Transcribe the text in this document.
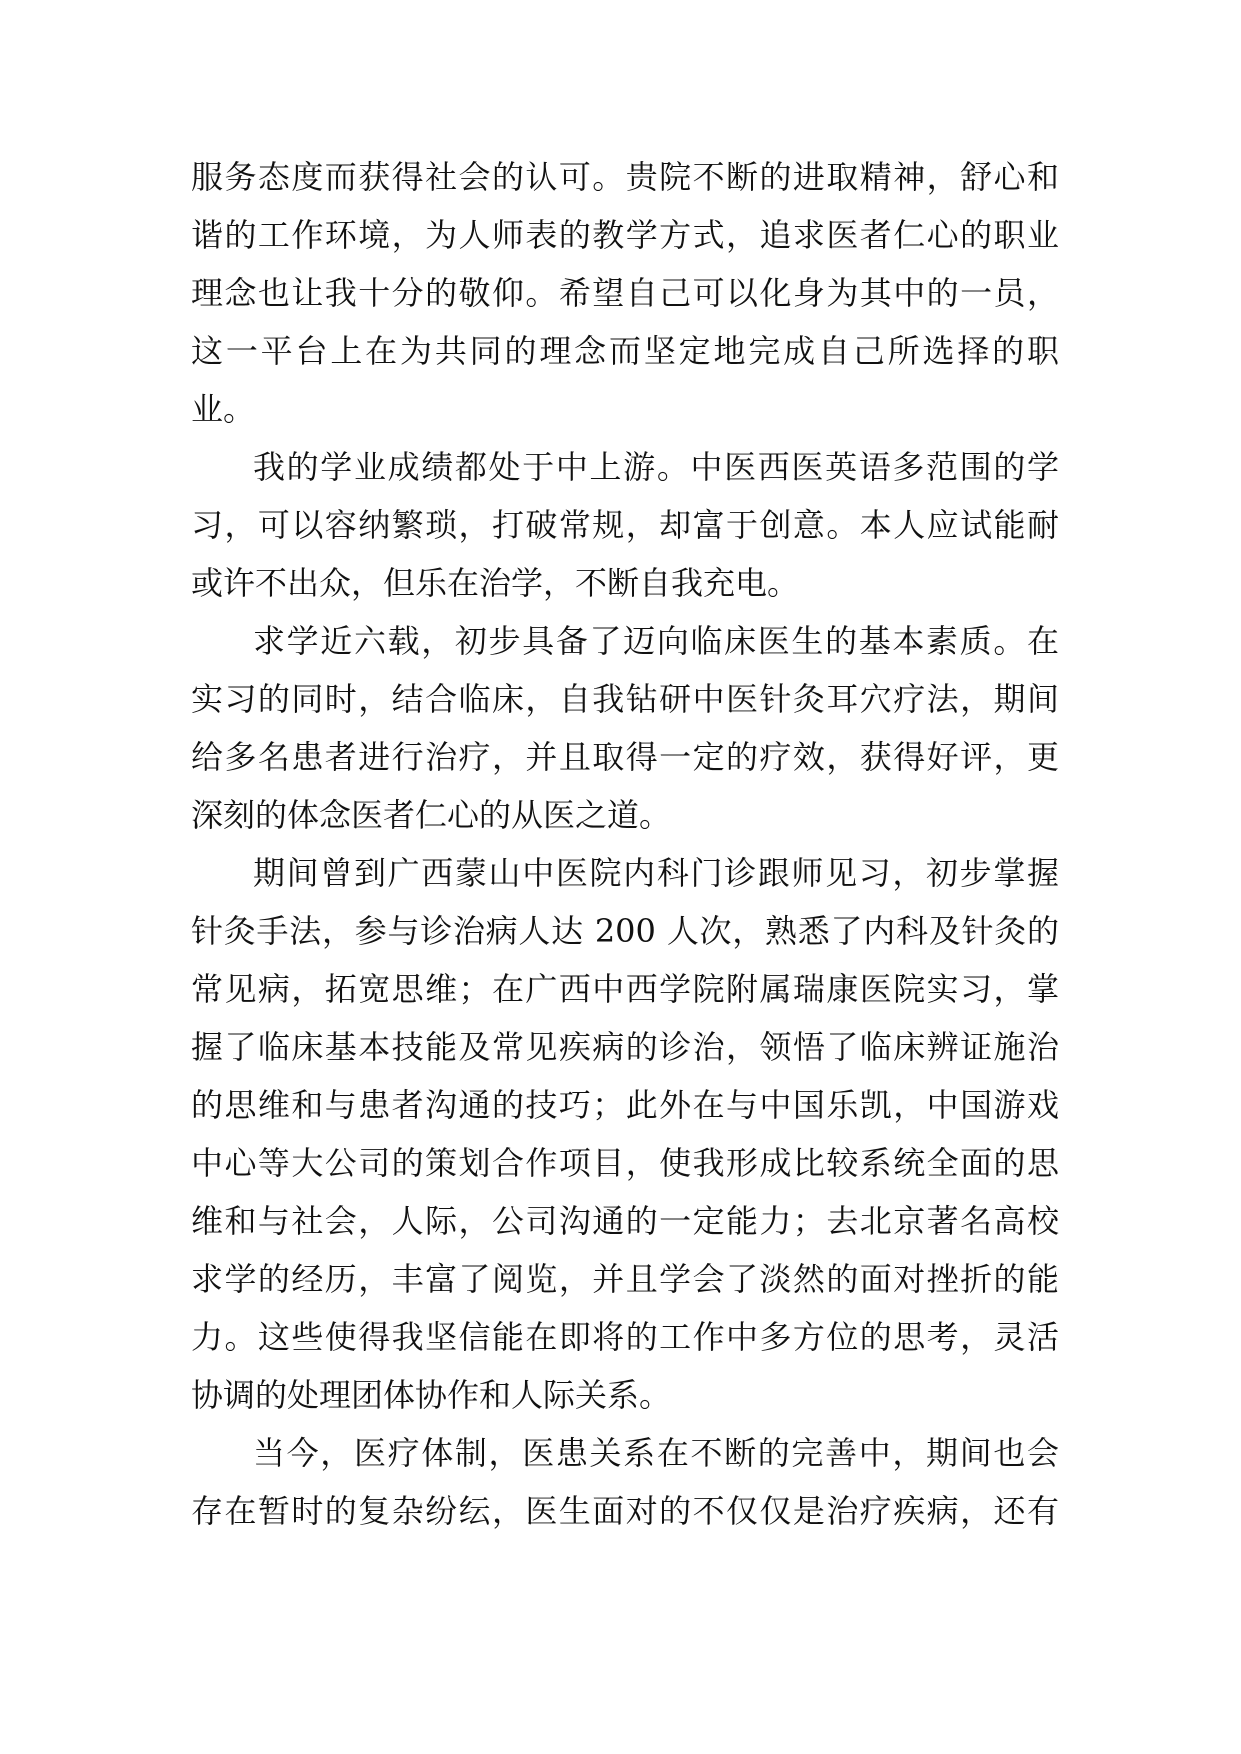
服务态度而获得社会的认可。贵院不断的进取精神，舒心和
谐的工作环境，为人师表的教学方式，追求医者仁心的职业
理念也让我十分的敬仰。希望自己可以化身为其中的一员，
这一平台上在为共同的理念而坚定地完成自己所选择的职
业。
我的学业成绩都处于中上游。中医西医英语多范围的学
习，可以容纳繁琐，打破常规，却富于创意。本人应试能耐
或许不出众，但乐在治学，不断自我充电。
求学近六载，初步具备了迈向临床医生的基本素质。在
实习的同时，结合临床，自我钻研中医针灸耳穴疗法，期间
给多名患者进行治疗，并且取得一定的疗效，获得好评，更
深刻的体念医者仁心的从医之道。
期间曾到广西蒙山中医院内科门诊跟师见习，初步掌握
针灸手法，参与诊治病人达 200 人次，熟悉了内科及针灸的
常见病，拓宽思维；在广西中西学院附属瑞康医院实习，掌
握了临床基本技能及常见疾病的诊治，领悟了临床辨证施治
的思维和与患者沟通的技巧；此外在与中国乐凯，中国游戏
中心等大公司的策划合作项目，使我形成比较系统全面的思
维和与社会，人际，公司沟通的一定能力；去北京著名高校
求学的经历，丰富了阅览，并且学会了淡然的面对挫折的能
力。这些使得我坚信能在即将的工作中多方位的思考，灵活
协调的处理团体协作和人际关系。
当今，医疗体制，医患关系在不断的完善中，期间也会
存在暂时的复杂纷纭，医生面对的不仅仅是治疗疾病，还有
